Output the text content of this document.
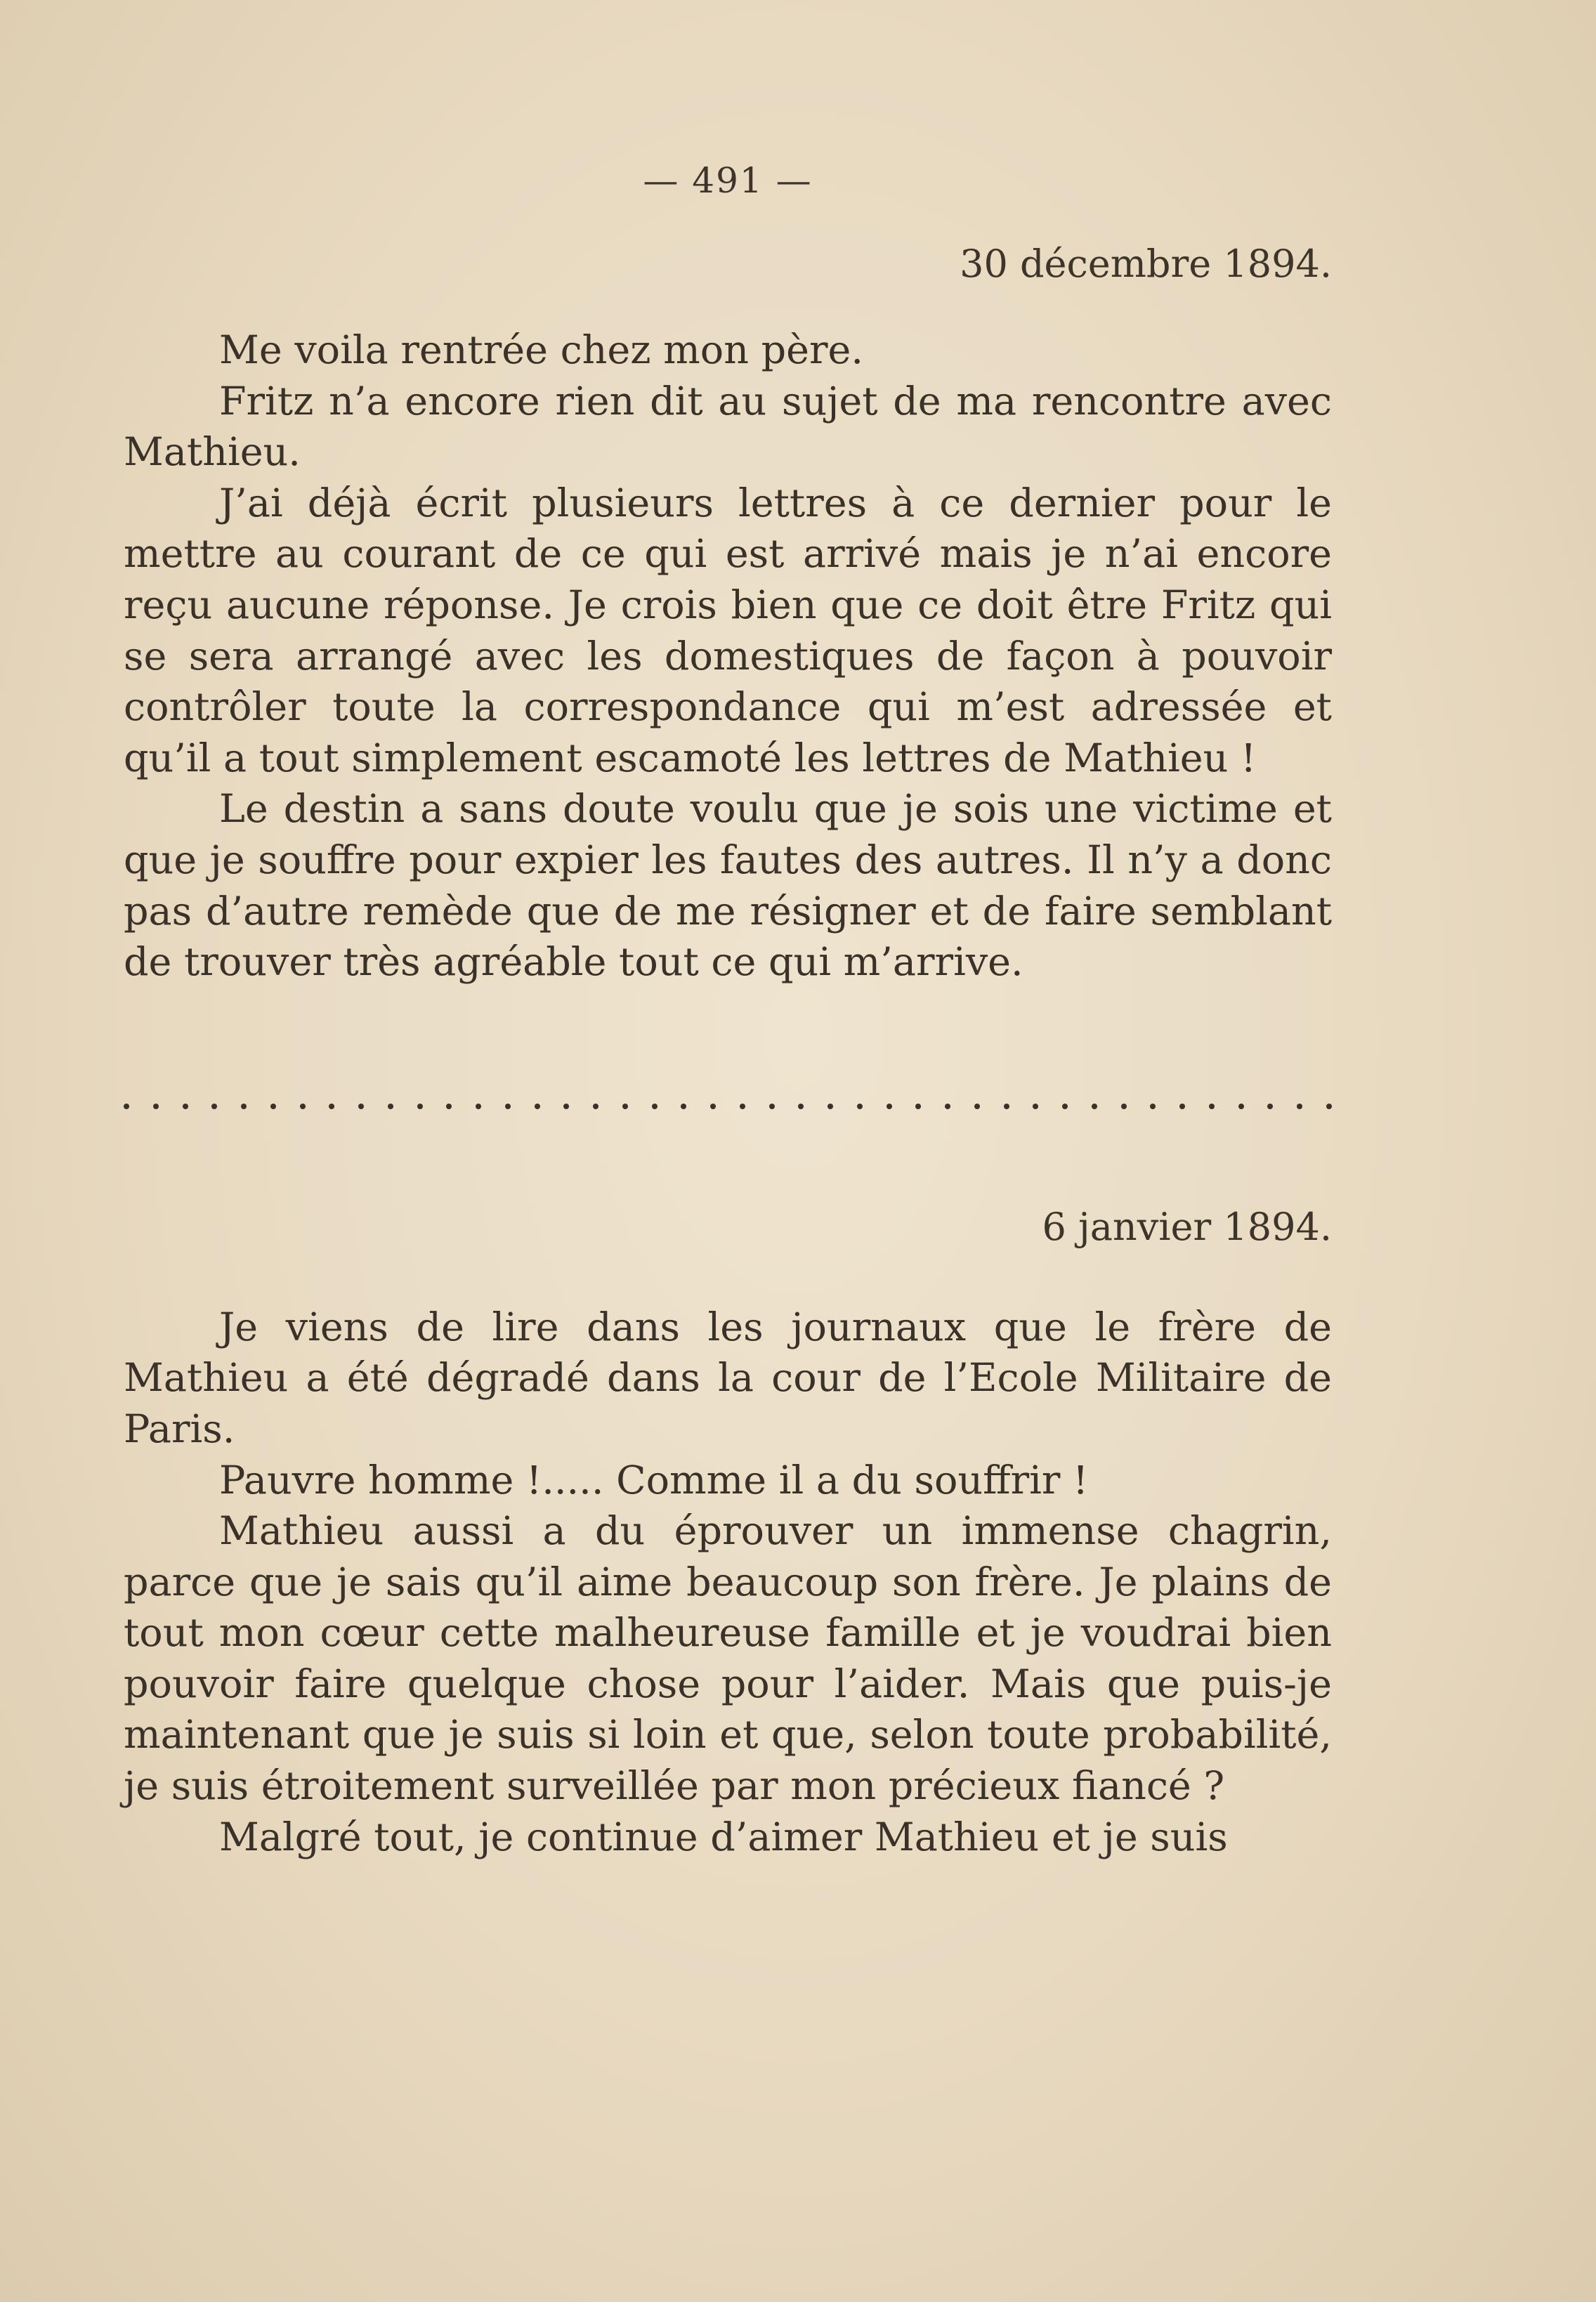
— 491 —
30 décembre 1894.

Me voila rentrée chez mon père.

Fritz n’a encore rien dit au sujet de ma rencontre avec Mathieu.

J’ai déjà écrit plusieurs lettres à ce dernier pour le mettre au courant de ce qui est arrivé mais je n’ai encore reçu aucune réponse. Je crois bien que ce doit être Fritz qui se sera arrangé avec les domestiques de façon à pouvoir contrôler toute la correspondance qui m’est adressée et qu’il a tout simplement escamoté les lettres de Mathieu !

Le destin a sans doute voulu que je sois une victime et que je souffre pour expier les fautes des autres. Il n’y a donc pas d’autre remède que de me résigner et de faire semblant de trouver très agréable tout ce qui m’arrive.

6 janvier 1894.

Je viens de lire dans les journaux que le frère de Mathieu a été dégradé dans la cour de l’Ecole Militaire de Paris.

Pauvre homme !..... Comme il a du souffrir !

Mathieu aussi a du éprouver un immense chagrin, parce que je sais qu’il aime beaucoup son frère. Je plains de tout mon cœur cette malheureuse famille et je voudrai bien pouvoir faire quelque chose pour l’aider. Mais que puis-je maintenant que je suis si loin et que, selon toute probabilité, je suis étroitement surveillée par mon précieux fiancé ?

Malgré tout, je continue d’aimer Mathieu et je suis
